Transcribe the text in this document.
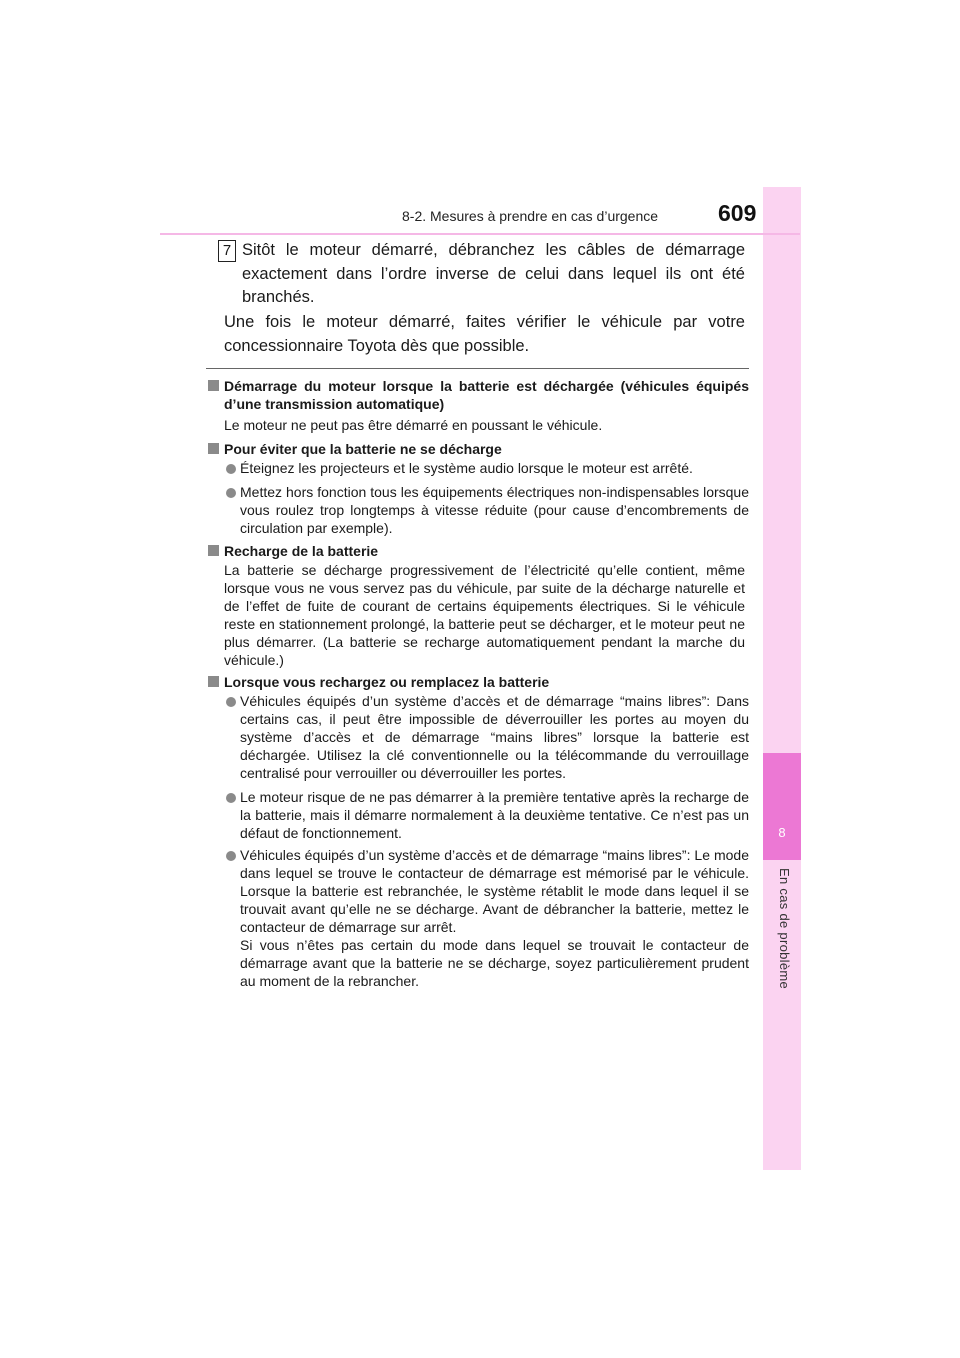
8
En cas de problème
8-2. Mesures à prendre en cas d’urgence	609
7 Sitôt le moteur démarré, débranchez les câbles de démarrage exactement dans l’ordre inverse de celui dans lequel ils ont été branchés.
Une fois le moteur démarré, faites vérifier le véhicule par votre concessionnaire Toyota dès que possible.
Démarrage du moteur lorsque la batterie est déchargée (véhicules équipés d’une transmission automatique)
Le moteur ne peut pas être démarré en poussant le véhicule.
Pour éviter que la batterie ne se décharge
Éteignez les projecteurs et le système audio lorsque le moteur est arrêté.
Mettez hors fonction tous les équipements électriques non-indispensables lorsque vous roulez trop longtemps à vitesse réduite (pour cause d’encombrements de circulation par exemple).
Recharge de la batterie
La batterie se décharge progressivement de l’électricité qu’elle contient, même lorsque vous ne vous servez pas du véhicule, par suite de la décharge naturelle et de l’effet de fuite de courant de certains équipements électriques. Si le véhicule reste en stationnement prolongé, la batterie peut se décharger, et le moteur peut ne plus démarrer. (La batterie se recharge automatiquement pendant la marche du véhicule.)
Lorsque vous rechargez ou remplacez la batterie
Véhicules équipés d’un système d’accès et de démarrage “mains libres”: Dans certains cas, il peut être impossible de déverrouiller les portes au moyen du système d’accès et de démarrage “mains libres” lorsque la batterie est déchargée. Utilisez la clé conventionnelle ou la télécommande du verrouillage centralisé pour verrouiller ou déverrouiller les portes.
Le moteur risque de ne pas démarrer à la première tentative après la recharge de la batterie, mais il démarre normalement à la deuxième tentative. Ce n’est pas un défaut de fonctionnement.
Véhicules équipés d’un système d’accès et de démarrage “mains libres”: Le mode dans lequel se trouve le contacteur de démarrage est mémorisé par le véhicule. Lorsque la batterie est rebranchée, le système rétablit le mode dans lequel il se trouvait avant qu’elle ne se décharge. Avant de débrancher la batterie, mettez le contacteur de démarrage sur arrêt.
Si vous n’êtes pas certain du mode dans lequel se trouvait le contacteur de démarrage avant que la batterie ne se décharge, soyez particulièrement prudent au moment de la rebrancher.
